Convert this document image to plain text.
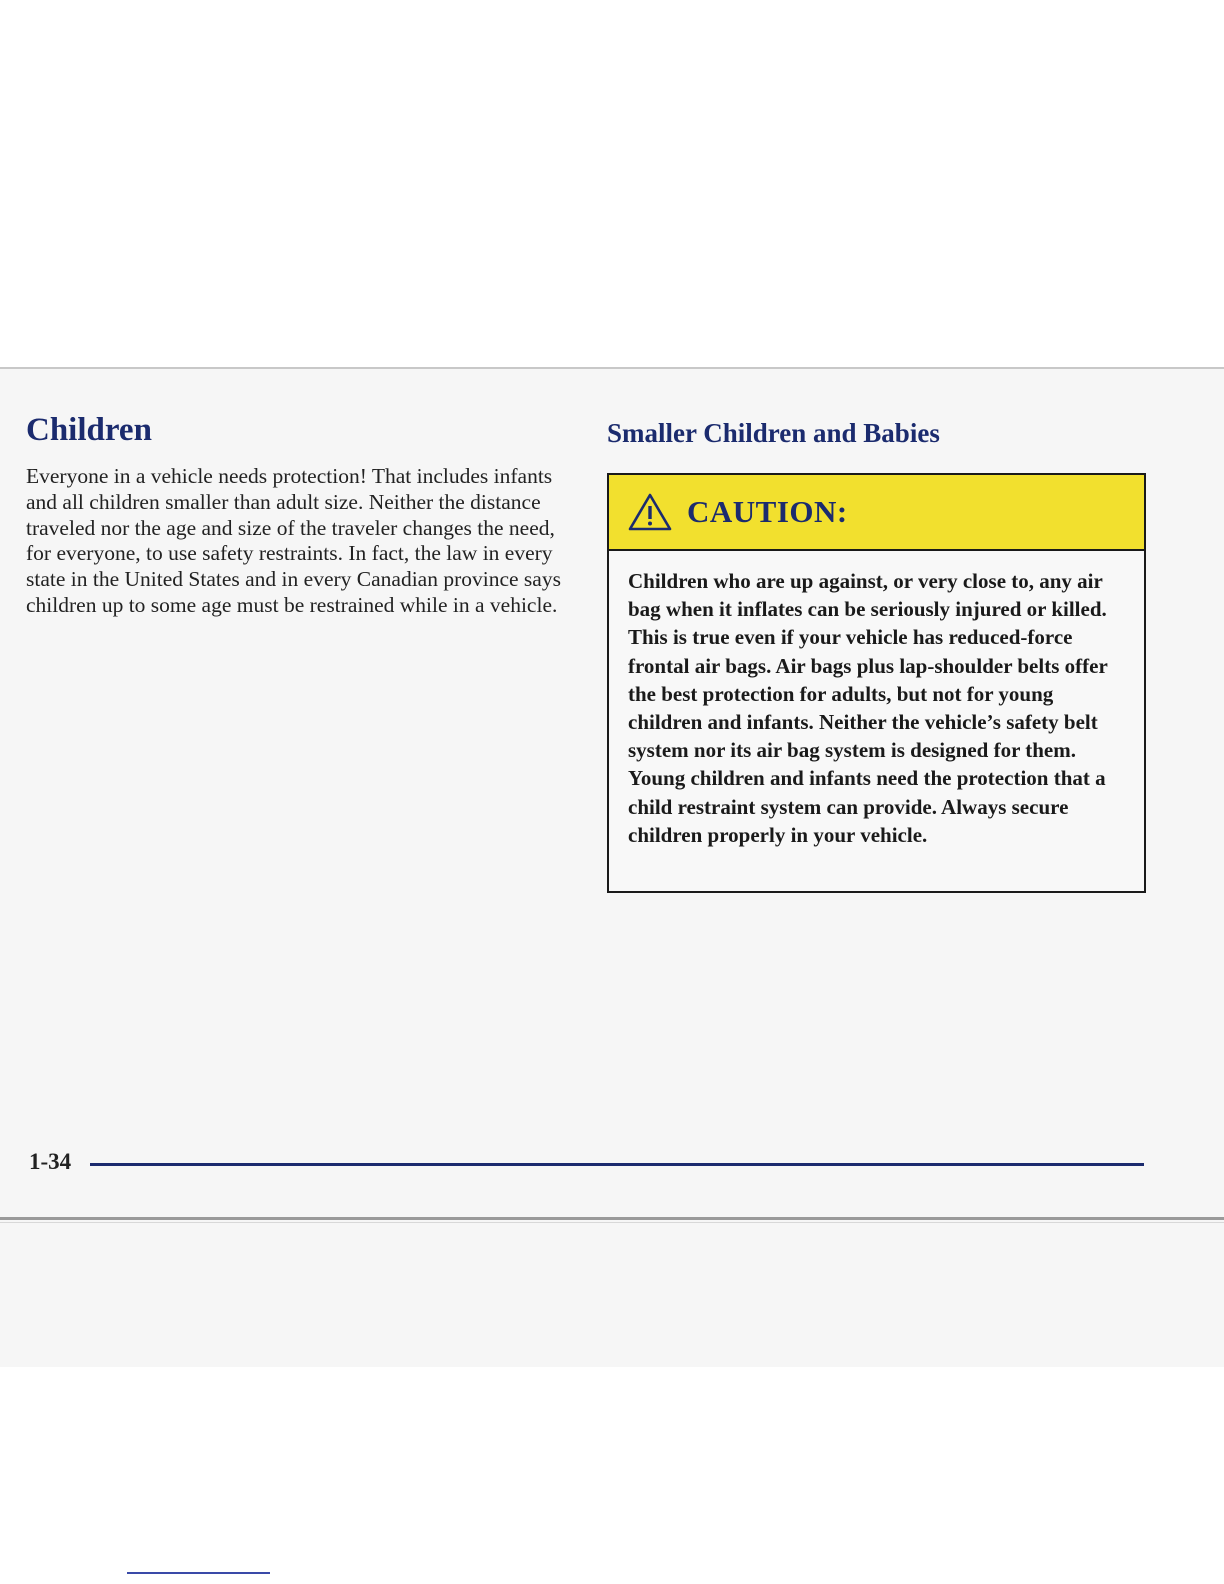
Children

Everyone in a vehicle needs protection! That includes infants and all children smaller than adult size. Neither the distance traveled nor the age and size of the traveler changes the need, for everyone, to use safety restraints. In fact, the law in every state in the United States and in every Canadian province says children up to some age must be restrained while in a vehicle.

Smaller Children and Babies
CAUTION:

Children who are up against, or very close to, any air bag when it inflates can be seriously injured or killed. This is true even if your vehicle has reduced-force frontal air bags. Air bags plus lap-shoulder belts offer the best protection for adults, but not for young children and infants. Neither the vehicle’s safety belt system nor its air bag system is designed for them. Young children and infants need the protection that a child restraint system can provide. Always secure children properly in your vehicle.

1-34
